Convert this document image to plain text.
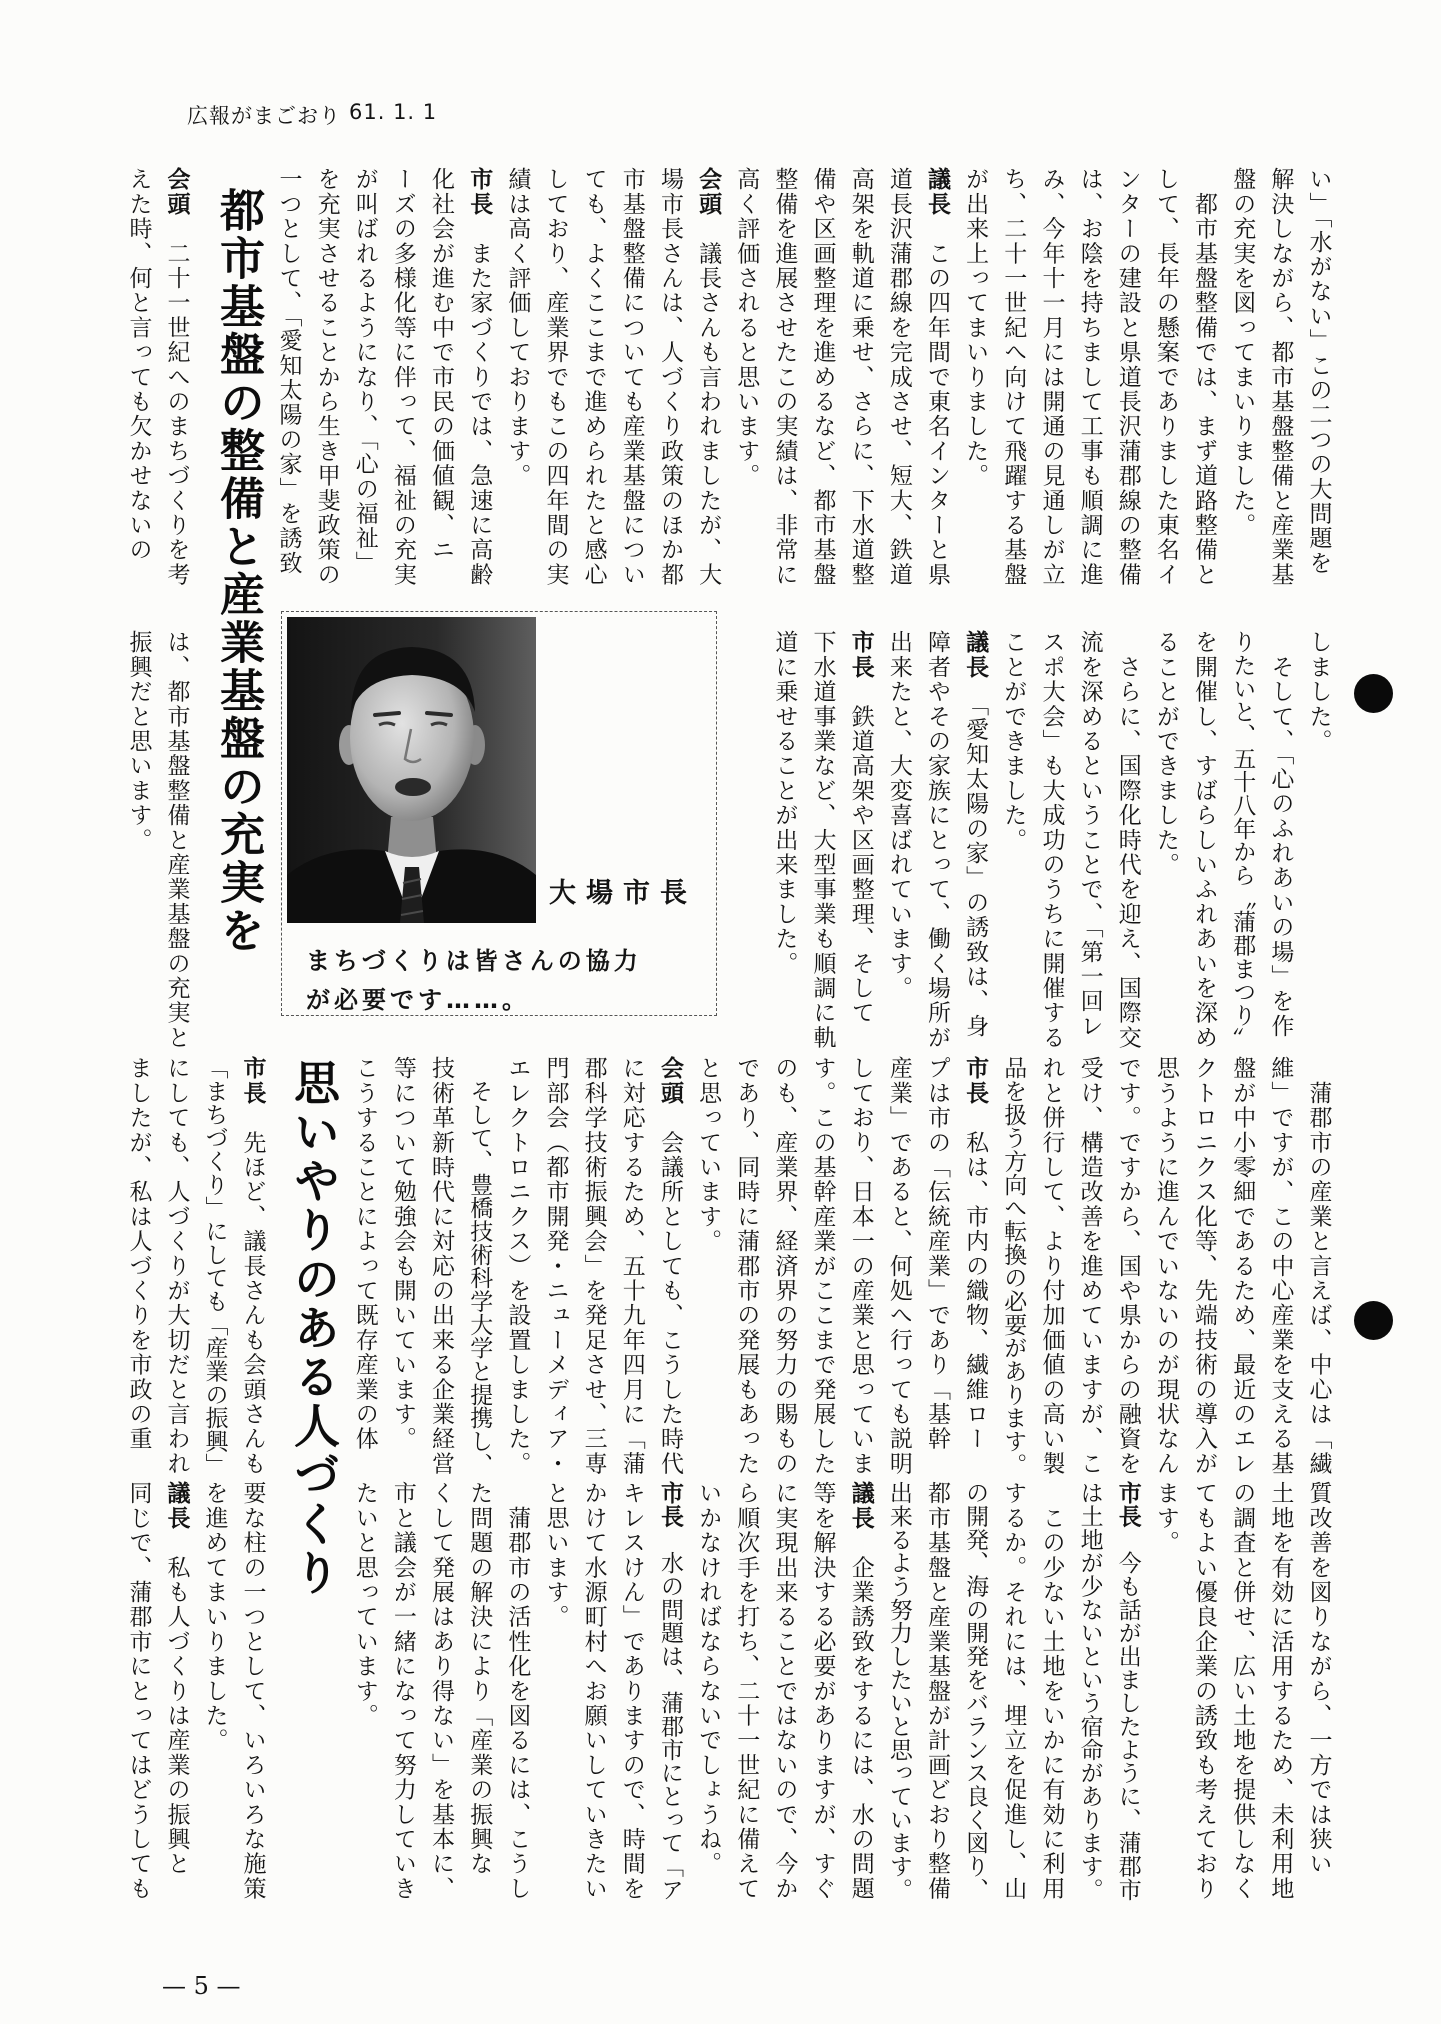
広報がまごおり 61. 1. 1
都市基盤の整備と産業基盤の充実を
思いやりのある人づくり
大場市長
まちづくりは皆さんの協力
が必要です……。
い」「水がない」この二つの大問題を
解決しながら、都市基盤整備と産業基
盤の充実を図ってまいりました。
　都市基盤整備では、まず道路整備と
して、長年の懸案でありました東名イ
ンターの建設と県道長沢蒲郡線の整備
は、お陰を持ちまして工事も順調に進
み、今年十一月には開通の見通しが立
ち、二十一世紀へ向けて飛躍する基盤
が出来上ってまいりました。
議長　この四年間で東名インターと県
道長沢蒲郡線を完成させ、短大、鉄道
高架を軌道に乗せ、さらに、下水道整
備や区画整理を進めるなど、都市基盤
整備を進展させたこの実績は、非常に
高く評価されると思います。
会頭　議長さんも言われましたが、大
場市長さんは、人づくり政策のほか都
市基盤整備についても産業基盤につい
ても、よくここまで進められたと感心
しており、産業界でもこの四年間の実
績は高く評価しております。
市長　また家づくりでは、急速に高齢
化社会が進む中で市民の価値観、ニ
ーズの多様化等に伴って、福祉の充実
が叫ばれるようになり、「心の福祉」
を充実させることから生き甲斐政策の
一つとして、「愛知太陽の家」を誘致
会頭　二十一世紀へのまちづくりを考
えた時、何と言っても欠かせないの
しました。
　そして、「心のふれあいの場」を作
りたいと、五十八年から〝蒲郡まつり〟
を開催し、すばらしいふれあいを深め
ることができました。
　さらに、国際化時代を迎え、国際交
流を深めるということで、「第一回レ
スポ大会」も大成功のうちに開催する
ことができました。
議長　「愛知太陽の家」の誘致は、身
障者やその家族にとって、働く場所が
出来たと、大変喜ばれています。
市長　鉄道高架や区画整理、そして
下水道事業など、大型事業も順調に軌
道に乗せることが出来ました。
は、都市基盤整備と産業基盤の充実と
振興だと思います。
　蒲郡市の産業と言えば、中心は「繊
維」ですが、この中心産業を支える基
盤が中小零細であるため、最近のエレ
クトロニクス化等、先端技術の導入が
思うように進んでいないのが現状なん
です。ですから、国や県からの融資を
受け、構造改善を進めていますが、こ
れと併行して、より付加価値の高い製
品を扱う方向へ転換の必要があります。
市長　私は、市内の織物、繊維ロー
プは市の「伝統産業」であり「基幹
産業」であると、何処へ行っても説明
しており、日本一の産業と思っていま
す。この基幹産業がここまで発展した
のも、産業界、経済界の努力の賜もの
であり、同時に蒲郡市の発展もあった
と思っています。
会頭　会議所としても、こうした時代
に対応するため、五十九年四月に「蒲
郡科学技術振興会」を発足させ、三専
門部会（都市開発・ニューメディア・
エレクトロニクス）を設置しました。
　そして、豊橋技術科学大学と提携し、
技術革新時代に対応の出来る企業経営
等について勉強会も開いています。
こうすることによって既存産業の体
市長　先ほど、議長さんも会頭さんも
「まちづくり」にしても「産業の振興」
にしても、人づくりが大切だと言われ
ましたが、私は人づくりを市政の重
質改善を図りながら、一方では狭い
土地を有効に活用するため、未利用地
の調査と併せ、広い土地を提供しなく
てもよい優良企業の誘致も考えており
ます。
市長　今も話が出ましたように、蒲郡市
は土地が少ないという宿命があります。
　この少ない土地をいかに有効に利用
するか。それには、埋立を促進し、山
の開発、海の開発をバランス良く図り、
都市基盤と産業基盤が計画どおり整備
出来るよう努力したいと思っています。
議長　企業誘致をするには、水の問題
等を解決する必要がありますが、すぐ
に実現出来ることではないので、今か
ら順次手を打ち、二十一世紀に備えて
いかなければならないでしょうね。
市長　水の問題は、蒲郡市にとって「ア
キレスけん」でありますので、時間を
かけて水源町村へお願いしていきたい
と思います。
　蒲郡市の活性化を図るには、こうし
た問題の解決により「産業の振興な
くして発展はあり得ない」を基本に、
市と議会が一緒になって努力していき
たいと思っています。
要な柱の一つとして、いろいろな施策
を進めてまいりました。
議長　私も人づくりは産業の振興と
同じで、蒲郡市にとってはどうしても
— 5 —
